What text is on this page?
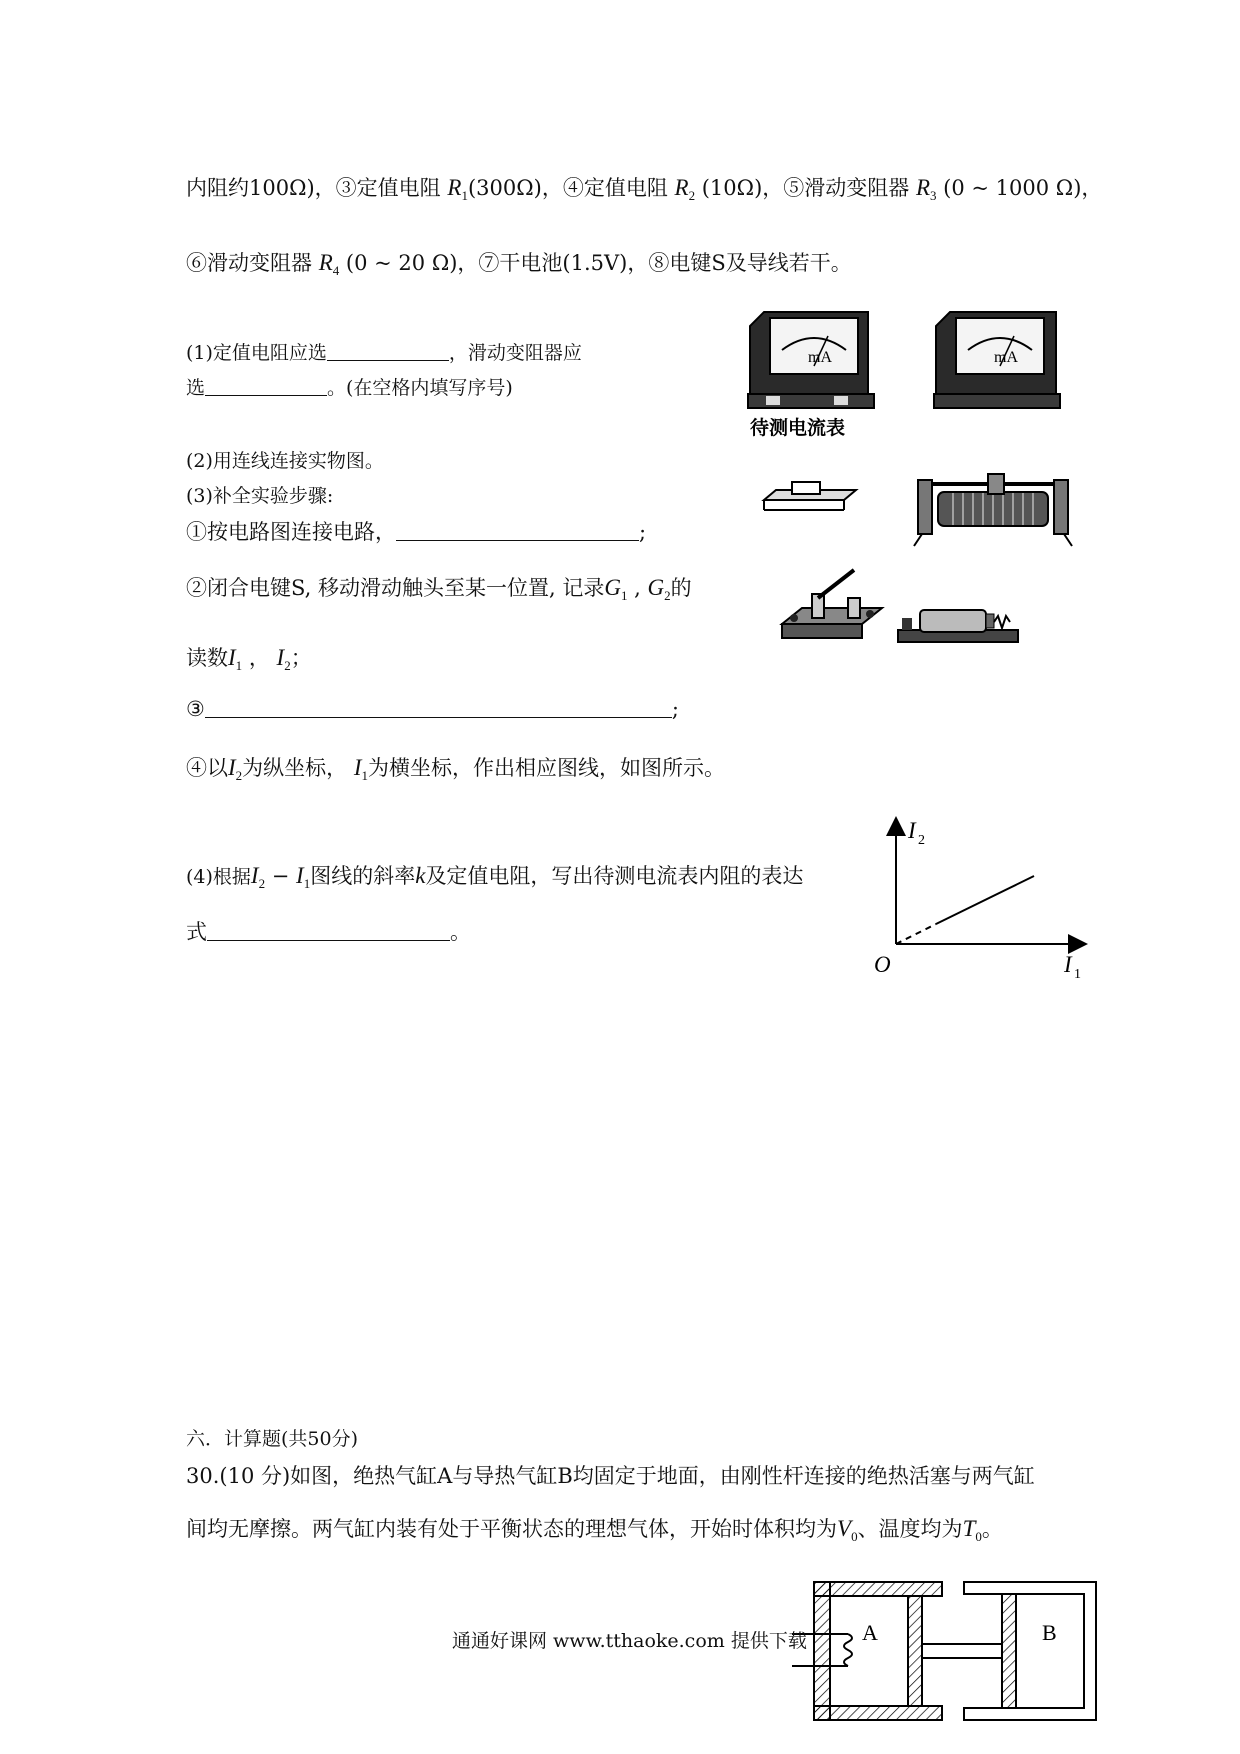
内阻约100Ω)，③定值电阻 $R_1(300\Omega)$，④定值电阻 $R_2$ (10Ω)，⑤滑动变阻器 $R_3$ (0 ~ 1000 Ω)，
⑥滑动变阻器 $R_4$ (0 ~ 20 Ω)，⑦干电池(1.5V)，⑧电键S及导线若干。
(1)定值电阻应选	，滑动变阻器应
选	。(在空格内填写序号)
(2)用连线连接实物图。
(3)补全实验步骤:
①按电路图连接电路，	;
②闭合电键S, 移动滑动触头至某一位置, 记录$G_1$ , $G_2$的
读数$I_1$ ， $I_2$；
③	;
④以$I_2$为纵坐标， $I_1$为横坐标，作出相应图线，如图所示。
(4)根据$I_2 - I_1$图线的斜率k及定值电阻，写出待测电流表内阻的表达
式	。
mA
待测电流表
mA
I 2
O	I 1
六．计算题(共50分)
30.(10 分)如图，绝热气缸A与导热气缸B均固定于地面，由刚性杆连接的绝热活塞与两气缸
间均无摩擦。两气缸内装有处于平衡状态的理想气体，开始时体积均为$V_0$、温度均为$T_0$。
A	B
通通好课网 www.tthaoke.com 提供下载
